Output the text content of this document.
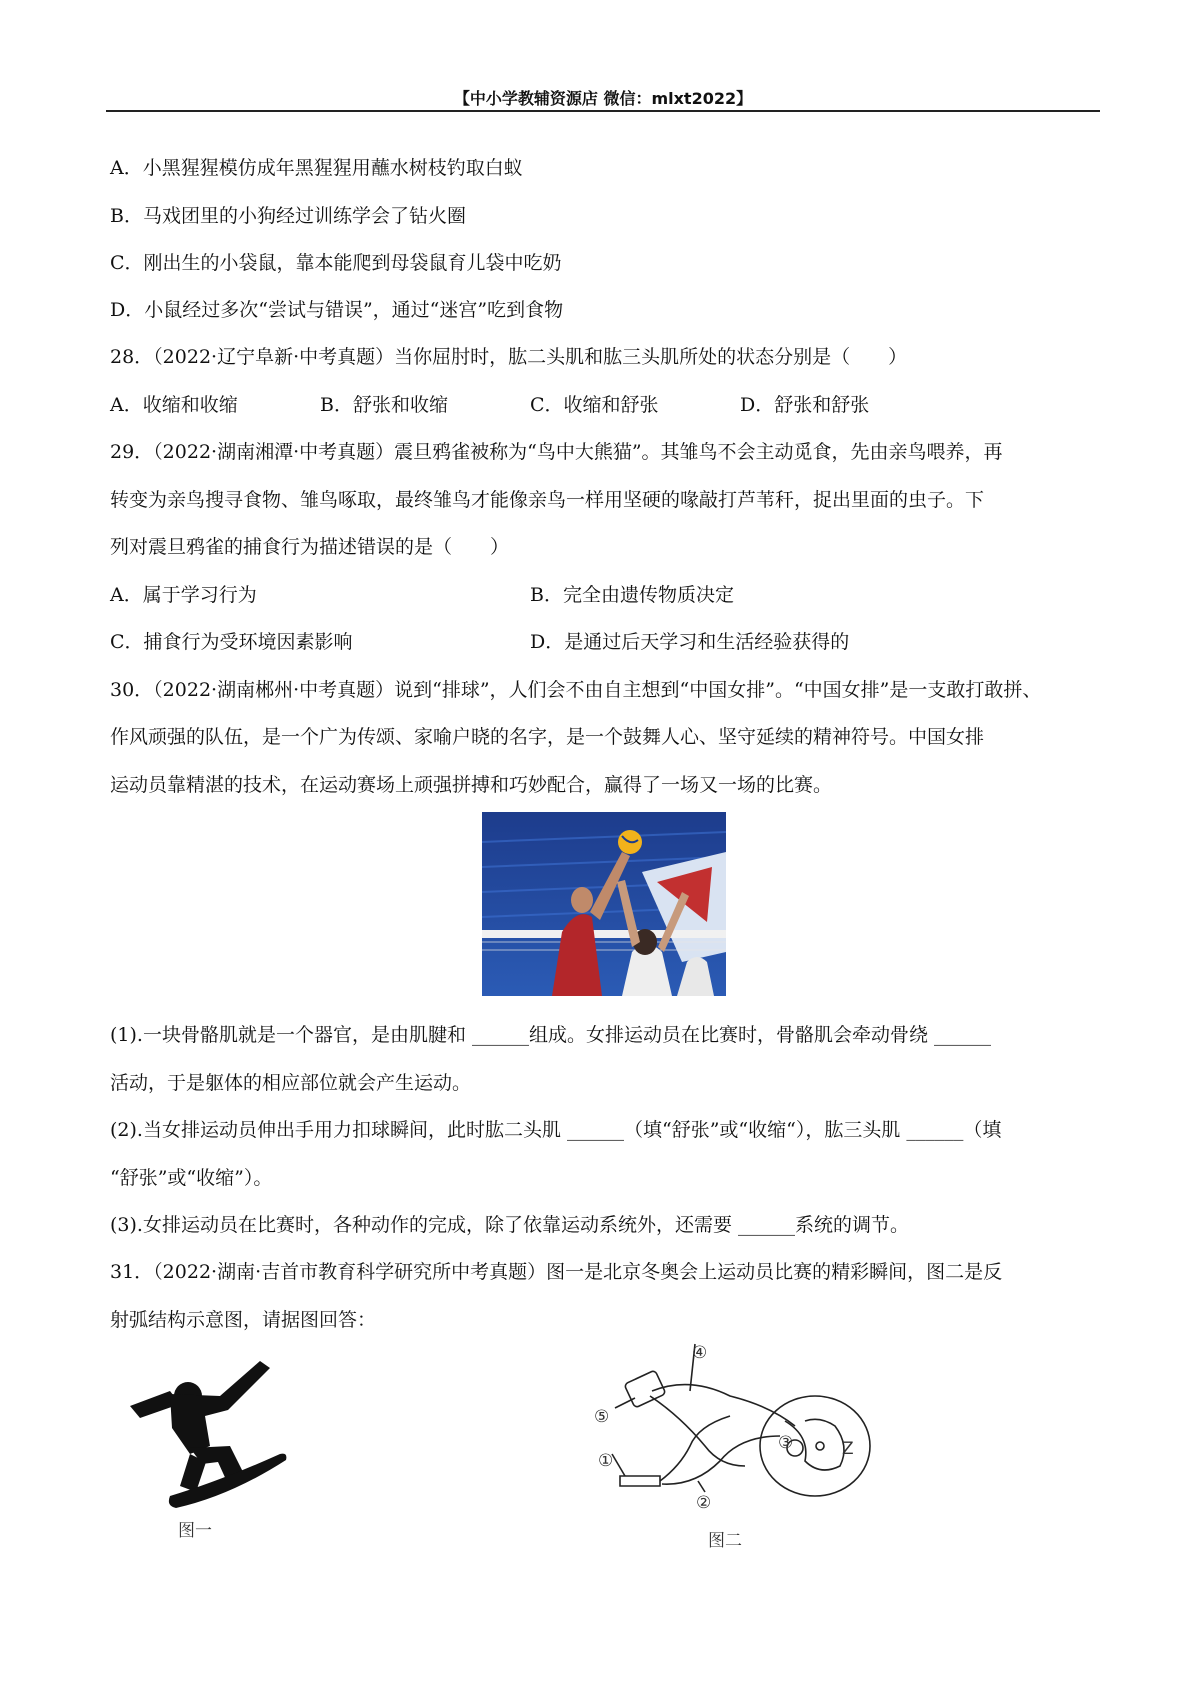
【中小学教辅资源店 微信：mlxt2022】
A．小黑猩猩模仿成年黑猩猩用蘸水树枝钓取白蚁
B．马戏团里的小狗经过训练学会了钻火圈
C．刚出生的小袋鼠，靠本能爬到母袋鼠育儿袋中吃奶
D．小鼠经过多次“尝试与错误”，通过“迷宫”吃到食物
28．（2022·辽宁阜新·中考真题）当你屈肘时，肱二头肌和肱三头肌所处的状态分别是（　　）
A．收缩和收缩	B．舒张和收缩	C．收缩和舒张	D．舒张和舒张
29．（2022·湖南湘潭·中考真题）震旦鸦雀被称为“鸟中大熊猫”。其雏鸟不会主动觅食，先由亲鸟喂养，再
转变为亲鸟搜寻食物、雏鸟啄取，最终雏鸟才能像亲鸟一样用坚硬的喙敲打芦苇秆，捉出里面的虫子。下
列对震旦鸦雀的捕食行为描述错误的是（　　）
A．属于学习行为	B．完全由遗传物质决定
C．捕食行为受环境因素影响	D．是通过后天学习和生活经验获得的
30．（2022·湖南郴州·中考真题）说到“排球”，人们会不由自主想到“中国女排”。“中国女排”是一支敢打敢拼、
作风顽强的队伍，是一个广为传颂、家喻户晓的名字，是一个鼓舞人心、坚守延续的精神符号。中国女排
运动员靠精湛的技术，在运动赛场上顽强拼搏和巧妙配合，赢得了一场又一场的比赛。
(1).一块骨骼肌就是一个器官，是由肌腱和 ______组成。女排运动员在比赛时，骨骼肌会牵动骨绕 ______
活动，于是躯体的相应部位就会产生运动。
(2).当女排运动员伸出手用力扣球瞬间，此时肱二头肌 ______（填“舒张”或“收缩“），肱三头肌 ______（填
“舒张”或“收缩”）。
(3).女排运动员在比赛时，各种动作的完成，除了依靠运动系统外，还需要 ______系统的调节。
31．（2022·湖南·吉首市教育科学研究所中考真题）图一是北京冬奥会上运动员比赛的精彩瞬间，图二是反
射弧结构示意图，请据图回答：
图一
④
⑤
①
②
③	Z
图二
